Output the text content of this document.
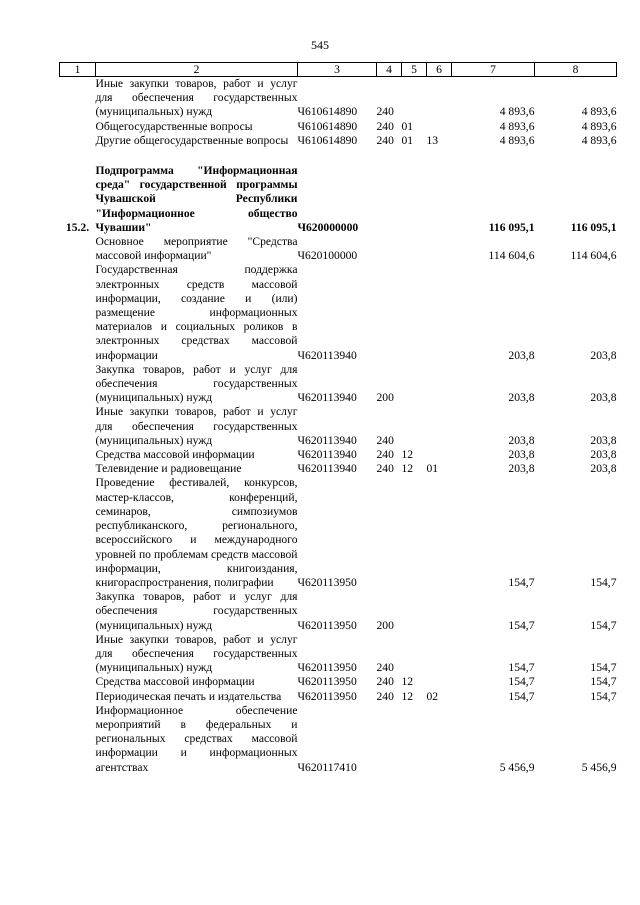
545
1	2	3	4	5	6	7	8
	Иные закупки товаров, работ и услуг для обеспечения государственных (муниципальных) нужд	Ч610614890	240			4 893,6	4 893,6
	Общегосударственные вопросы	Ч610614890	240	01		4 893,6	4 893,6
	Другие общегосударственные вопросы	Ч610614890	240	01	13	4 893,6	4 893,6

15.2.	Подпрограмма "Информационная среда" государственной программы Чувашской Республики "Информационное общество Чувашии"	Ч620000000				116 095,1	116 095,1
	Основное мероприятие "Средства массовой информации"	Ч620100000				114 604,6	114 604,6
	Государственная поддержка электронных средств массовой информации, создание и (или) размещение информационных материалов и социальных роликов в электронных средствах массовой информации	Ч620113940				203,8	203,8
	Закупка товаров, работ и услуг для обеспечения государственных (муниципальных) нужд	Ч620113940	200			203,8	203,8
	Иные закупки товаров, работ и услуг для обеспечения государственных (муниципальных) нужд	Ч620113940	240			203,8	203,8
	Средства массовой информации	Ч620113940	240	12		203,8	203,8
	Телевидение и радиовещание	Ч620113940	240	12	01	203,8	203,8
	Проведение фестивалей, конкурсов, мастер-классов, конференций, семинаров, симпозиумов республиканского, регионального, всероссийского и международного уровней по проблемам средств массовой информации, книгоиздания, книгораспространения, полиграфии	Ч620113950				154,7	154,7
	Закупка товаров, работ и услуг для обеспечения государственных (муниципальных) нужд	Ч620113950	200			154,7	154,7
	Иные закупки товаров, работ и услуг для обеспечения государственных (муниципальных) нужд	Ч620113950	240			154,7	154,7
	Средства массовой информации	Ч620113950	240	12		154,7	154,7
	Периодическая печать и издательства	Ч620113950	240	12	02	154,7	154,7
	Информационное обеспечение мероприятий в федеральных и региональных средствах массовой информации и информационных агентствах	Ч620117410				5 456,9	5 456,9
